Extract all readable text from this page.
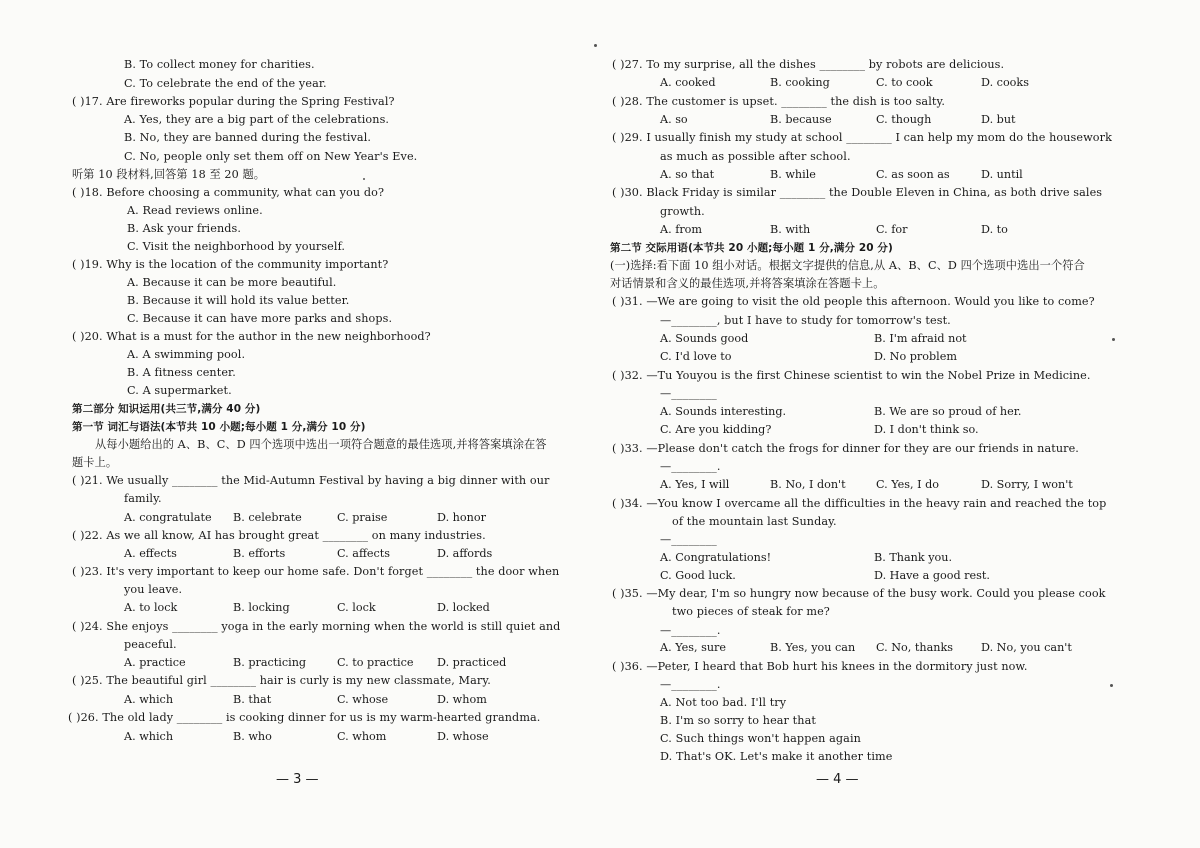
B. To collect money for charities.
C. To celebrate the end of the year.
( )17. Are fireworks popular during the Spring Festival?
A. Yes, they are a big part of the celebrations.
B. No, they are banned during the festival.
C. No, people only set them off on New Year's Eve.
听第 10 段材料,回答第 18 至 20 题。
( )18. Before choosing a community, what can you do?
A. Read reviews online.
B. Ask your friends.
C. Visit the neighborhood by yourself.
( )19. Why is the location of the community important?
A. Because it can be more beautiful.
B. Because it will hold its value better.
C. Because it can have more parks and shops.
( )20. What is a must for the author in the new neighborhood?
A. A swimming pool.
B. A fitness center.
C. A supermarket.
第二部分 知识运用(共三节,满分 40 分)
第一节 词汇与语法(本节共 10 小题;每小题 1 分,满分 10 分)
从每小题给出的 A、B、C、D 四个选项中选出一项符合题意的最佳选项,并将答案填涂在答
题卡上。
( )21. We usually ________ the Mid-Autumn Festival by having a big dinner with our
family.
( )22. As we all know, AI has brought great ________ on many industries.
( )23. It's very important to keep our home safe. Don't forget ________ the door when
you leave.
( )24. She enjoys ________ yoga in the early morning when the world is still quiet and
peaceful.
( )25. The beautiful girl ________ hair is curly is my new classmate, Mary.
( )26. The old lady ________ is cooking dinner for us is my warm-hearted grandma.
A. congratulate B. celebrate	C. praise	D. honor
A. effects	B. efforts	C. affects	D. affords
A. to lock	B. locking	C. lock	D. locked
A. practice	B. practicing	C. to practice D. practiced
A. which	B. that	C. whose	D. whom
A. which	B. who	C. whom	D. whose
— 3 —
( )27. To my surprise, all the dishes ________ by robots are delicious.
( )28. The customer is upset. ________ the dish is too salty.
( )29. I usually finish my study at school ________ I can help my mom do the housework
as much as possible after school.
( )30. Black Friday is similar ________ the Double Eleven in China, as both drive sales
growth.
第二节 交际用语(本节共 20 小题;每小题 1 分,满分 20 分)
(一)选择:看下面 10 组小对话。根据文字提供的信息,从 A、B、C、D 四个选项中选出一个符合
对话情景和含义的最佳选项,并将答案填涂在答题卡上。
( )31. —We are going to visit the old people this afternoon. Would you like to come?
—________, but I have to study for tomorrow's test.
( )32. —Tu Youyou is the first Chinese scientist to win the Nobel Prize in Medicine.
—________
( )33. —Please don't catch the frogs for dinner for they are our friends in nature.
—________.
( )34. —You know I overcame all the difficulties in the heavy rain and reached the top
of the mountain last Sunday.
—________
( )35. —My dear, I'm so hungry now because of the busy work. Could you please cook
two pieces of steak for me?
—________.
( )36. —Peter, I heard that Bob hurt his knees in the dormitory just now.
—________.
A. Not too bad. I'll try
B. I'm so sorry to hear that
C. Such things won't happen again
D. That's OK. Let's make it another time
A. cooked	B. cooking	C. to cook	D. cooks
A. so	B. because	C. though	D. but
A. so that	B. while	C. as soon as	D. until
A. from	B. with	C. for	D. to
A. Yes, I will	B. No, I don't	C. Yes, I do	D. Sorry, I won't
A. Yes, sure	B. Yes, you can C. No, thanks D. No, you can't
A. Sounds good	B. I'm afraid not
C. I'd love to	D. No problem
A. Sounds interesting.	B. We are so proud of her.
C. Are you kidding?	D. I don't think so.
A. Congratulations!	B. Thank you.
C. Good luck.	D. Have a good rest.
— 4 —
